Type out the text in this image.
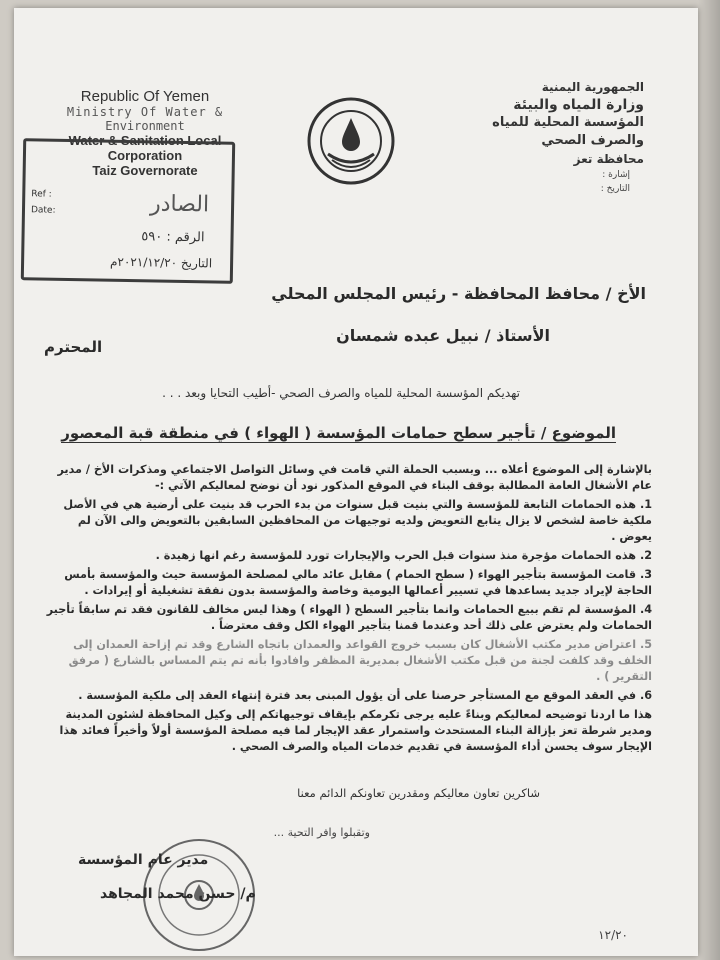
Republic Of Yemen
Ministry Of Water &
Environment
Water & Sanitation Local Corporation
Taiz Governorate
Ref :
Date:	الصادر
الرقم : ٥٩٠
التاريخ ٢٠٢١/١٢/٢٠م
الجمهورية اليمنية
وزارة المياه والبيئة
المؤسسة المحلية للمياه والصرف الصحي
محافظة تعز
إشارة :
التاريخ :
الأخ / محافظ المحافظة - رئيس المجلس المحلي
الأستاذ / نبيل عبده شمسان
المحترم
تهديكم المؤسسة المحلية للمياه والصرف الصحي -أطيب التحايا وبعد . . .
الموضوع / تأجير سطح حمامات المؤسسة ( الهواء ) في منطقة قبة المعصور

بالإشارة إلى الموضوع أعلاه ... وبسبب الحملة التي قامت في وسائل التواصل الاجتماعي ومذكرات الأخ / مدير عام الأشغال العامة المطالبة بوقف البناء في الموقع المذكور نود أن نوضح لمعاليكم الآتي :-

1. هذه الحمامات التابعة للمؤسسة والتي بنيت قبل سنوات من بدء الحرب قد بنيت على أرضية هي في الأصل ملكية خاصة لشخص لا يزال يتابع التعويض ولديه توجيهات من المحافظين السابقين بالتعويض والى الآن لم يعوض .

2. هذه الحمامات مؤجرة منذ سنوات قبل الحرب والإيجارات تورد للمؤسسة رغم انها زهيدة .

3. قامت المؤسسة بتأجير الهواء ( سطح الحمام ) مقابل عائد مالي لمصلحة المؤسسة حيث والمؤسسة بأمس الحاجة لإيراد جديد يساعدها في تسيير أعمالها اليومية وخاصة والمؤسسة بدون نفقة تشغيلية أو إيرادات .

4. المؤسسة لم تقم ببيع الحمامات وانما بتأجير السطح ( الهواء ) وهذا ليس مخالف للقانون فقد تم سابقاً تأجير الحمامات ولم يعترض على ذلك أحد وعندما قمنا بتأجير الهواء الكل وقف معترضاً .

5. اعتراض مدير مكتب الأشغال كان بسبب خروج القواعد والعمدان باتجاه الشارع وقد تم إزاحة العمدان إلى الخلف وقد كلفت لجنة من قبل مكتب الأشغال بمديرية المظفر وافادوا بأنه تم يتم المساس بالشارع ( مرفق التقرير ) .

6. في العقد الموقع مع المستأجر حرصنا على أن يؤول المبنى بعد فترة إنتهاء العقد إلى ملكية المؤسسة .

هذا ما اردنا توضيحه لمعاليكم وبناءً عليه يرجى تكرمكم بإيقاف توجيهاتكم إلى وكيل المحافظة لشئون المدينة ومدير شرطة تعز بإزالة البناء المستحدث واستمرار عقد الإيجار لما فيه مصلحة المؤسسة أولاً وأخيراً فعائد هذا الإيجار سوف يحسن أداء المؤسسة في تقديم خدمات المياه والصرف الصحي .

شاكرين تعاون معاليكم ومقدرين تعاونكم الدائم معنا
وتقبلوا وافر التحية ...
مدير عام المؤسسة
م/ حسن محمد المجاهد
١٢/٢٠
